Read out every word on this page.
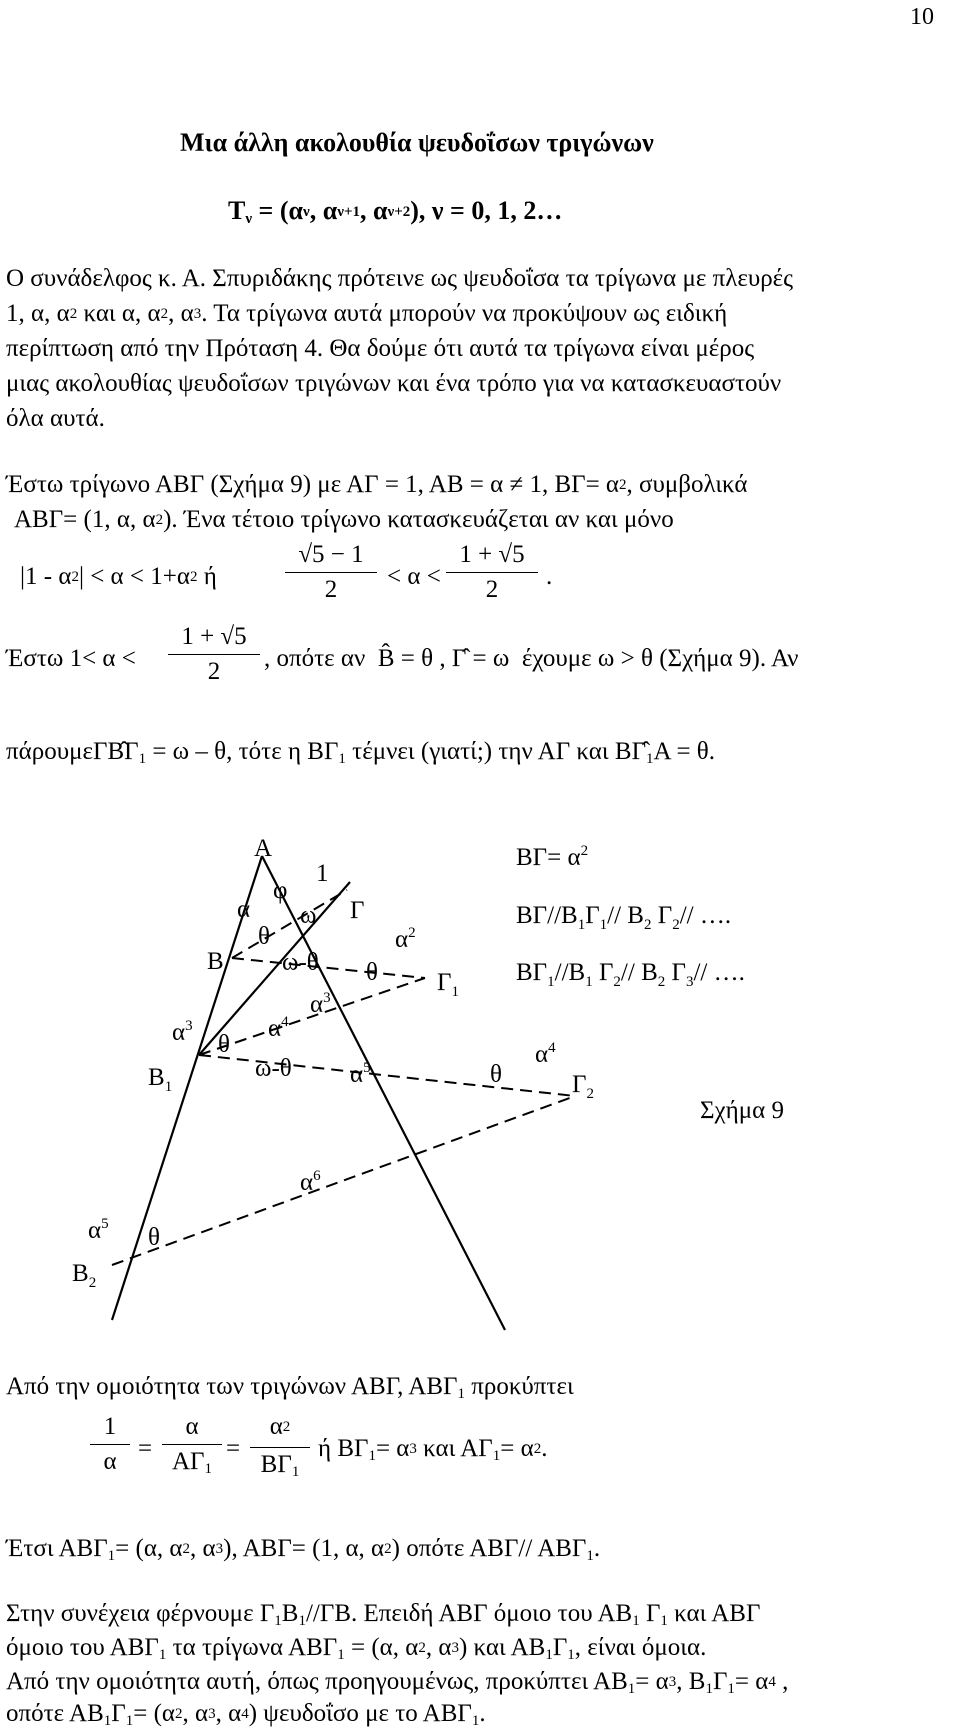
10
Μια άλλη ακολουθία ψευδοΐσων τριγώνων
$T_\nu = (\alpha^\nu$, $\alpha^{\nu+1}$, $\alpha^{\nu+2}$), ν = 0, 1, 2…
Ο συνάδελφος κ. Α. Σπυριδάκης πρότεινε ως ψευδοΐσα τα τρίγωνα με πλευρές
1, α, $\alpha^2$ και α, $\alpha^2$, $\alpha^3$. Τα τρίγωνα αυτά μπορούν να προκύψουν ως ειδική
περίπτωση από την Πρόταση 4. Θα δούμε ότι αυτά τα τρίγωνα είναι μέρος
μιας ακολουθίας ψευδοΐσων τριγώνων και ένα τρόπο για να κατασκευαστούν
όλα αυτά.
Έστω τρίγωνο ΑΒΓ (Σχήμα 9) με ΑΓ = 1, ΑΒ = α ≠ 1, $B\Gamma= \alpha^2$, συμβολικά
ΑΒΓ= (1, α, $\alpha^2$). Ένα τέτοιο τρίγωνο κατασκευάζεται αν και μόνο
$|1 - \alpha^2| < \alpha < 1+\alpha^2$ ή
√5 − 1
2	< α <
1 + √5
2	.
Έστω 1< α <
1 + √5
2	, οπότε αν B̂ = θ , Γ̂ = ω έχουμε ω > θ (Σχήμα 9). Αν
$\pi ά\rho o\upsilon\mu\varepsilon\Gamma B̂\Gamma_1 = \omega - \theta$, τότε η $B\Gamma_1$ τέμνει (γιατί;) την ΑΓ και $B\Gammâ_1A = \theta$.
A
φ
1
α ω Γ
θ	$\alpha^2$
Β ω-θ θ $\Gamma_1$
$\alpha^3$
$\alpha^3$
θ
$\alpha^4$
$B_1$
ω-θ $\alpha^5$	θ
$\alpha^4$
$\Gamma_2$
$\alpha^6$
$\alpha^5$ θ
$B_2$
$B\Gamma= \alpha^2$
$B\Gamma//B_1\Gamma_1//$ $B_2$ $\Gamma_2//$ ….
$B\Gamma_1//B_1$ $\Gamma_2//$ $B_2$ $\Gamma_3//$ ….
Σχήμα 9
Από την ομοιότητα των τριγώνων ΑΒΓ, $AB\Gamma_1$ προκύπτει
1
α =
α
$A\Gamma_1$
=
$\alpha^2$
$B\Gamma_1$
ή $B\Gamma_1= \alpha^3$ και $A\Gamma_1= \alpha^2$.
Έτσι $AB\Gamma_1= (\alpha$, $\alpha^2$, $\alpha^3$), ΑΒΓ= (1, α, $\alpha^2$) οπότε ΑΒΓ// $AB\Gamma_1$.
Στην συνέχεια φέρνουμε $\Gamma_1B_1//\Gamma B$. Επειδή ΑΒΓ όμοιο του $AB_1$ $\Gamma_1$ και ΑΒΓ
όμοιο του $AB\Gamma_1$ τα τρίγωνα $AB\Gamma_1 = (\alpha$, $\alpha^2$, $\alpha^3$) και $AB_1\Gamma_1$, είναι όμοια.
Από την ομοιότητα αυτή, όπως προηγουμένως, προκύπτει $AB_1= \alpha^3$, $B_1\Gamma_1= \alpha^4$ ,
οπότε $AB_1\Gamma_1= (\alpha^2$, $\alpha^3$, $\alpha^4$) ψευδοΐσο με το $AB\Gamma_1$.
